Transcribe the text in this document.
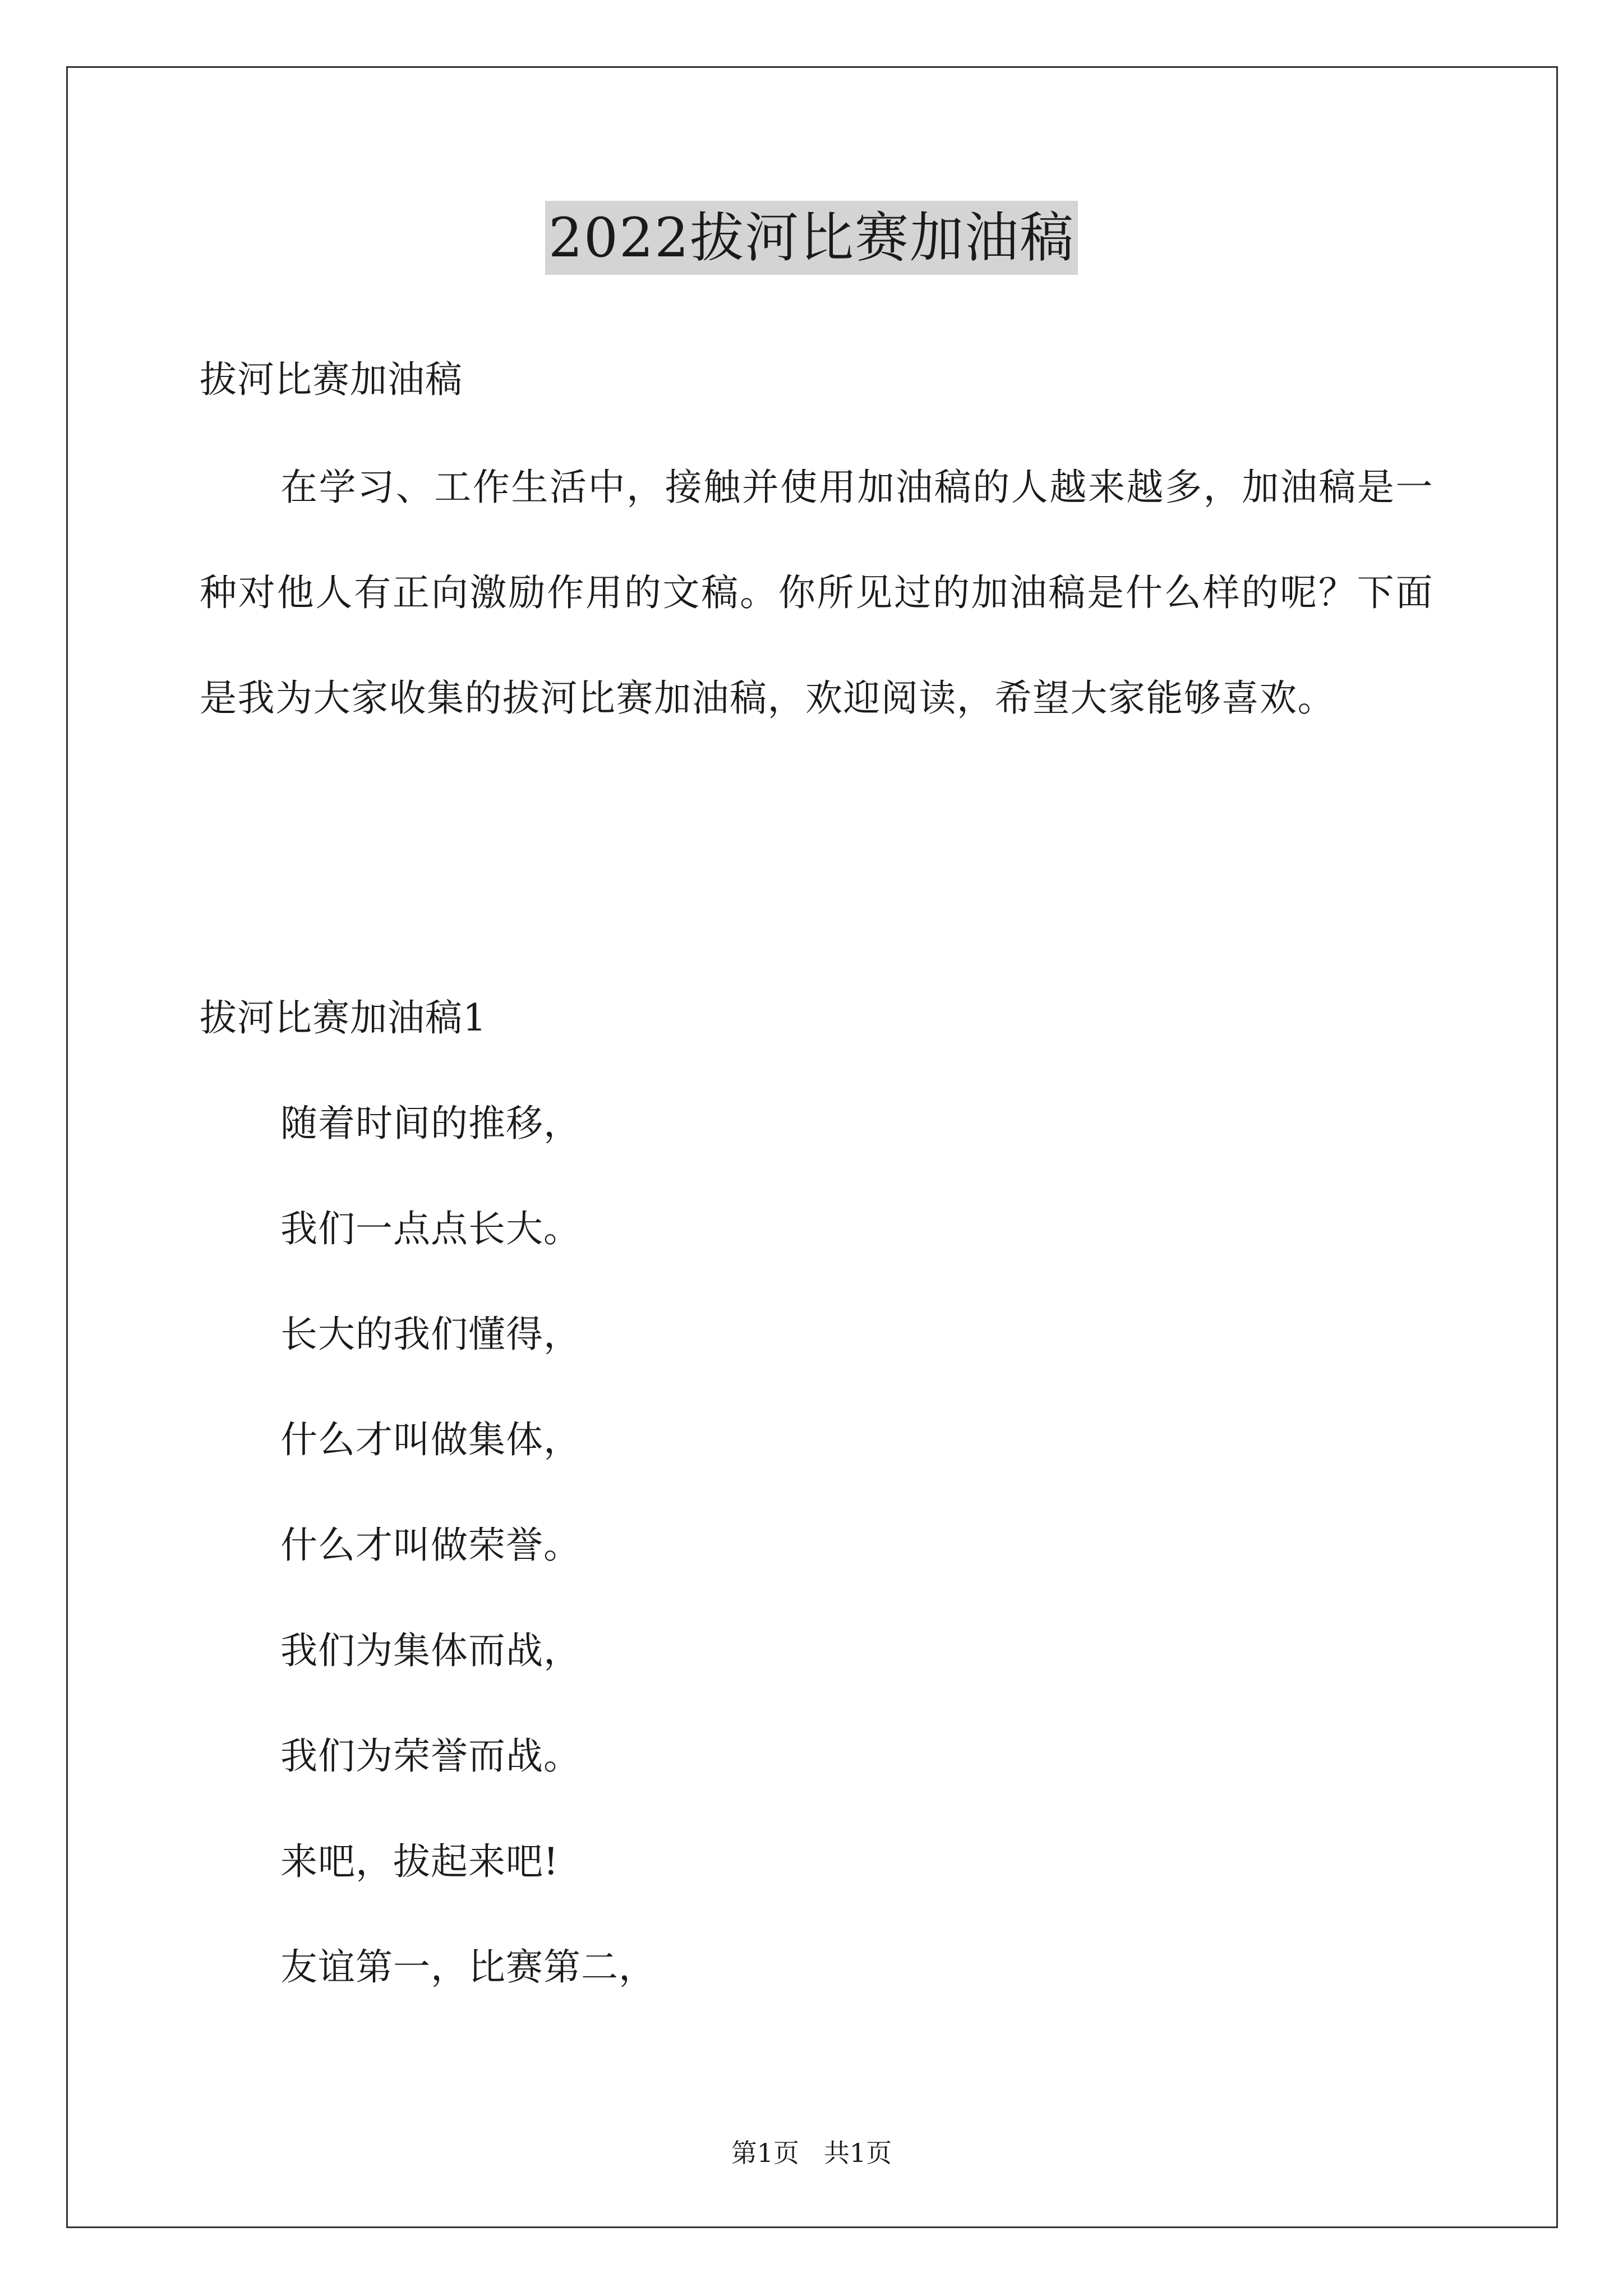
2022拔河比赛加油稿
拔河比赛加油稿
在学习、工作生活中，接触并使用加油稿的人越来越多，加油稿是一种对他人有正向激励作用的文稿。你所见过的加油稿是什么样的呢？下面是我为大家收集的拔河比赛加油稿，欢迎阅读，希望大家能够喜欢。
拔河比赛加油稿1
随着时间的推移，
我们一点点长大。
长大的我们懂得，
什么才叫做集体，
什么才叫做荣誉。
我们为集体而战，
我们为荣誉而战。
来吧，拔起来吧!
友谊第一，比赛第二，
第1页 共1页
